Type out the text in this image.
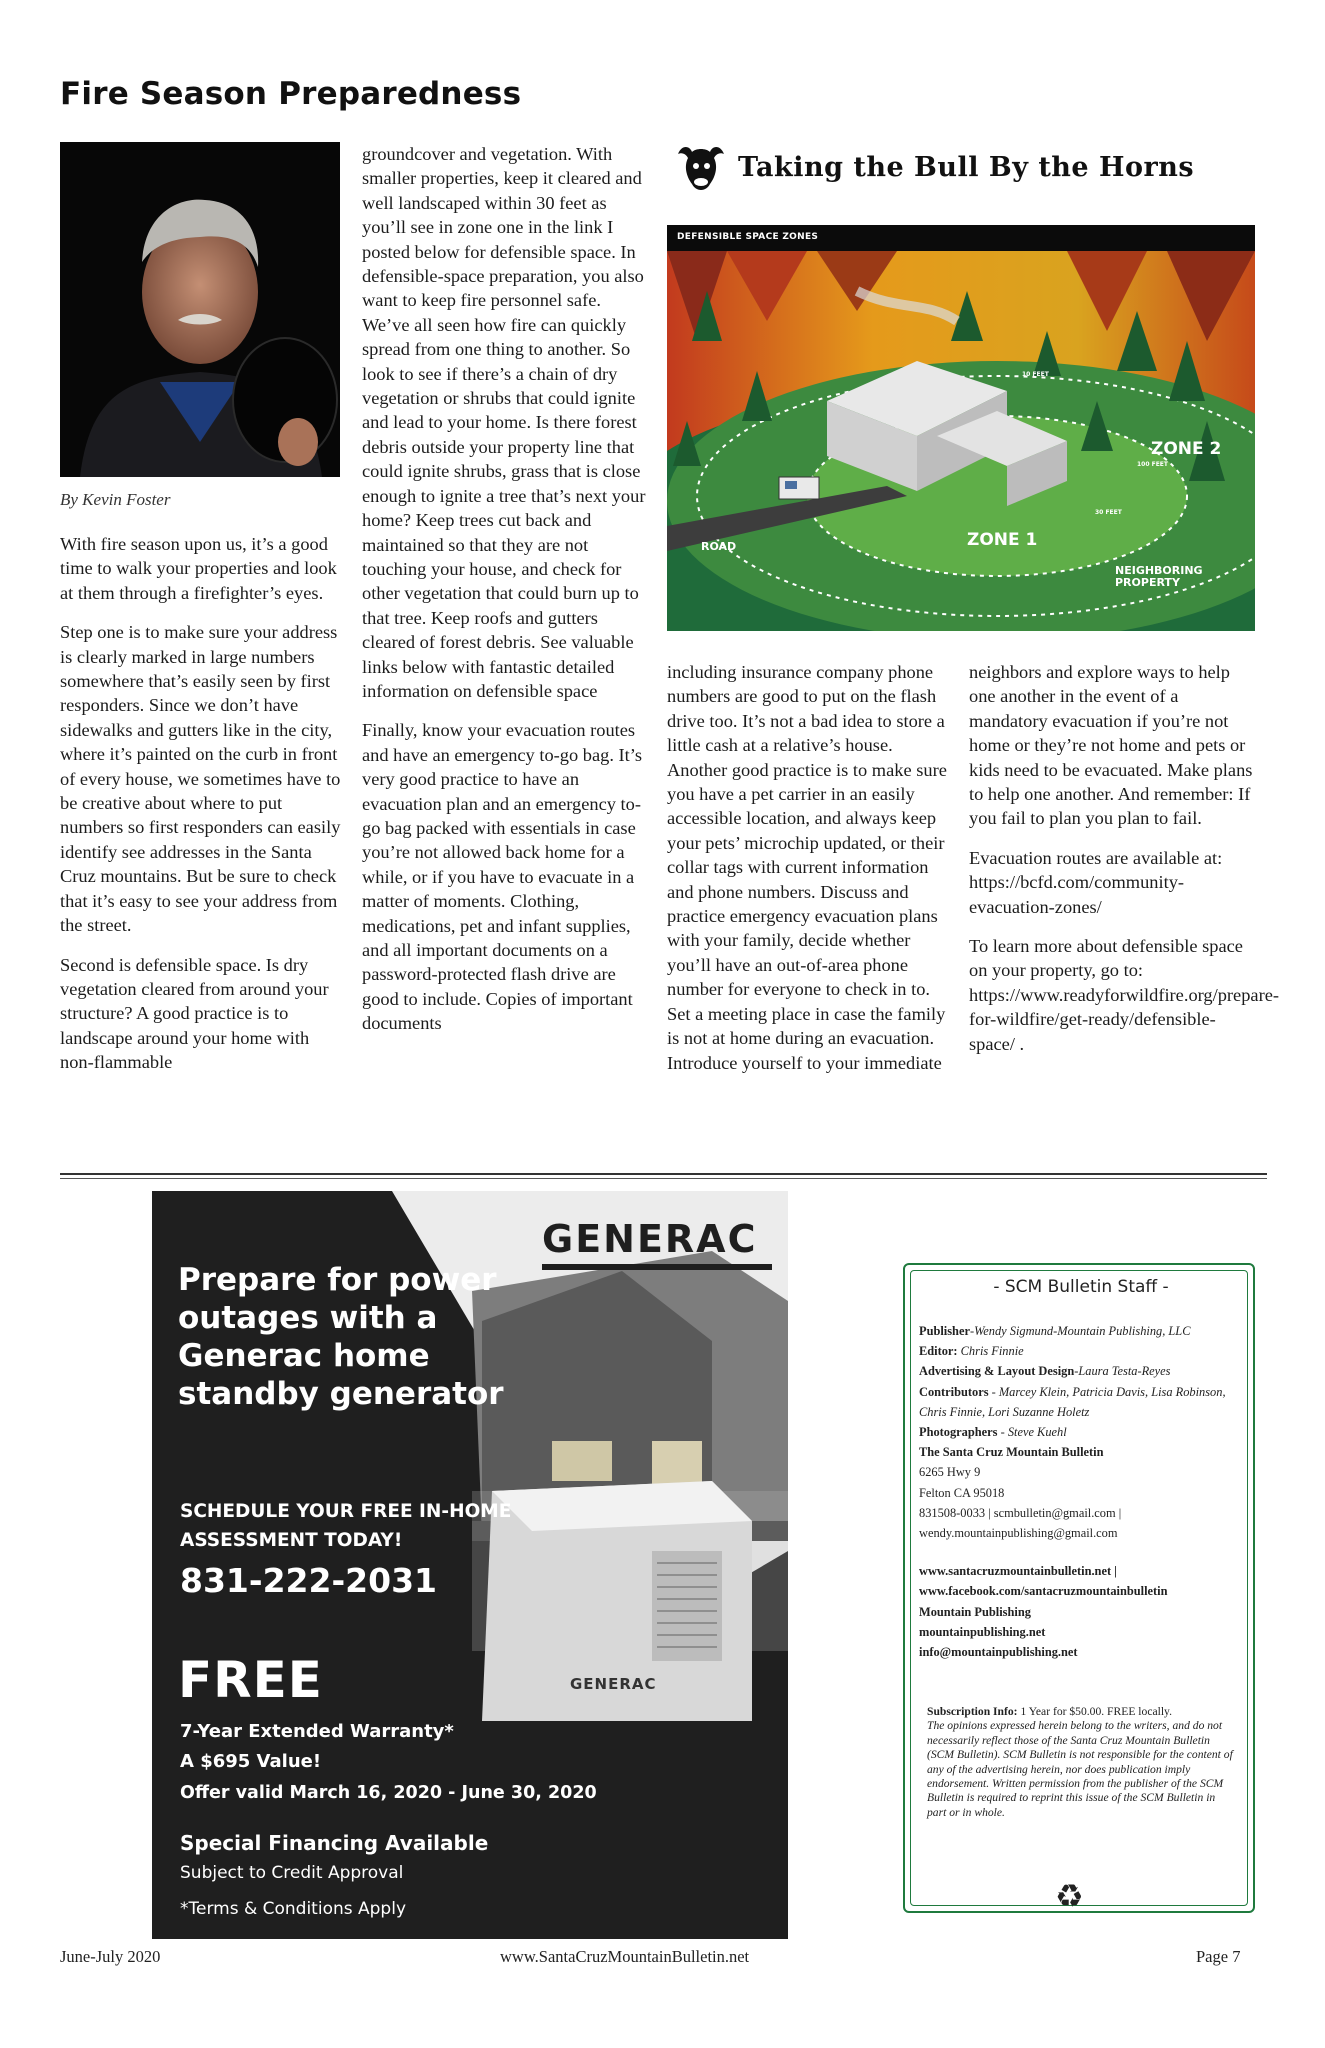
Fire Season Preparedness
By Kevin Foster

With fire season upon us, it’s a good time to walk your properties and look at them through a firefighter’s eyes.

Step one is to make sure your address is clearly marked in large numbers somewhere that’s easily seen by first responders. Since we don’t have sidewalks and gutters like in the city, where it’s painted on the curb in front of every house, we sometimes have to be creative about where to put numbers so first responders can easily identify see addresses in the Santa Cruz mountains. But be sure to check that it’s easy to see your address from the street.

Second is defensible space. Is dry vegetation cleared from around your structure? A good practice is to landscape around your home with non-flammable

groundcover and vegetation. With smaller properties, keep it cleared and well landscaped within 30 feet as you’ll see in zone one in the link I posted below for defensible space. In defensible-space preparation, you also want to keep fire personnel safe. We’ve all seen how fire can quickly spread from one thing to another. So look to see if there’s a chain of dry vegetation or shrubs that could ignite and lead to your home. Is there forest debris outside your property line that could ignite shrubs, grass that is close enough to ignite a tree that’s next your home? Keep trees cut back and maintained so that they are not touching your house, and check for other vegetation that could burn up to that tree. Keep roofs and gutters cleared of forest debris. See valuable links below with fantastic detailed information on defensible space

Finally, know your evacuation routes and have an emergency to-go bag. It’s very good practice to have an evacuation plan and an emergency to-go bag packed with essentials in case you’re not allowed back home for a while, or if you have to evacuate in a matter of moments. Clothing, medications, pet and infant supplies, and all important documents on a password-protected flash drive are good to include. Copies of important documents

Taking the Bull By the Horns
DEFENSIBLE SPACE ZONES
ZONE 1
ZONE 2
ROAD
NEIGHBORING PROPERTY
10 FEET
100 FEET
30 FEET

including insurance company phone numbers are good to put on the flash drive too. It’s not a bad idea to store a little cash at a relative’s house. Another good practice is to make sure you have a pet carrier in an easily accessible location, and always keep your pets’ microchip updated, or their collar tags with current information and phone numbers. Discuss and practice emergency evacuation plans with your family, decide whether you’ll have an out-of-area phone number for everyone to check in to. Set a meeting place in case the family is not at home during an evacuation. Introduce yourself to your immediate

neighbors and explore ways to help one another in the event of a mandatory evacuation if you’re not home or they’re not home and pets or kids need to be evacuated. Make plans to help one another. And remember: If you fail to plan you plan to fail.

Evacuation routes are available at: https://bcfd.com/community-evacuation-zones/

To learn more about defensible space on your property, go to: https://www.readyforwildfire.org/prepare-for-wildfire/get-ready/defensible-space/ .

GENERAC
Prepare for power outages with a Generac home standby generator
GENERAC
SCHEDULE YOUR FREE IN-HOME ASSESSMENT TODAY!
831-222-2031
FREE
7-Year Extended Warranty* A $695 Value!
Offer valid March 16, 2020 - June 30, 2020
Special Financing Available
Subject to Credit Approval
*Terms & Conditions Apply
- SCM Bulletin Staff -
Publisher-Wendy Sigmund-Mountain Publishing, LLC
Editor: Chris Finnie
Advertising & Layout Design-Laura Testa-Reyes
Contributors - Marcey Klein, Patricia Davis, Lisa Robinson, Chris Finnie, Lori Suzanne Holetz
Photographers - Steve Kuehl
The Santa Cruz Mountain Bulletin
6265 Hwy 9
Felton CA 95018
831508-0033 | scmbulletin@gmail.com |
wendy.mountainpublishing@gmail.com
www.santacruzmountainbulletin.net |
www.facebook.com/santacruzmountainbulletin
Mountain Publishing
mountainpublishing.net
info@mountainpublishing.net
Subscription Info: 1 Year for $50.00. FREE locally.
The opinions expressed herein belong to the writers, and do not necessarily reflect those of the Santa Cruz Mountain Bulletin (SCM Bulletin). SCM Bulletin is not responsible for the content of any of the advertising herein, nor does publication imply endorsement. Written permission from the publisher of the SCM Bulletin is required to reprint this issue of the SCM Bulletin in part or in whole.
♻
June-July 2020	www.SantaCruzMountainBulletin.net	Page 7
